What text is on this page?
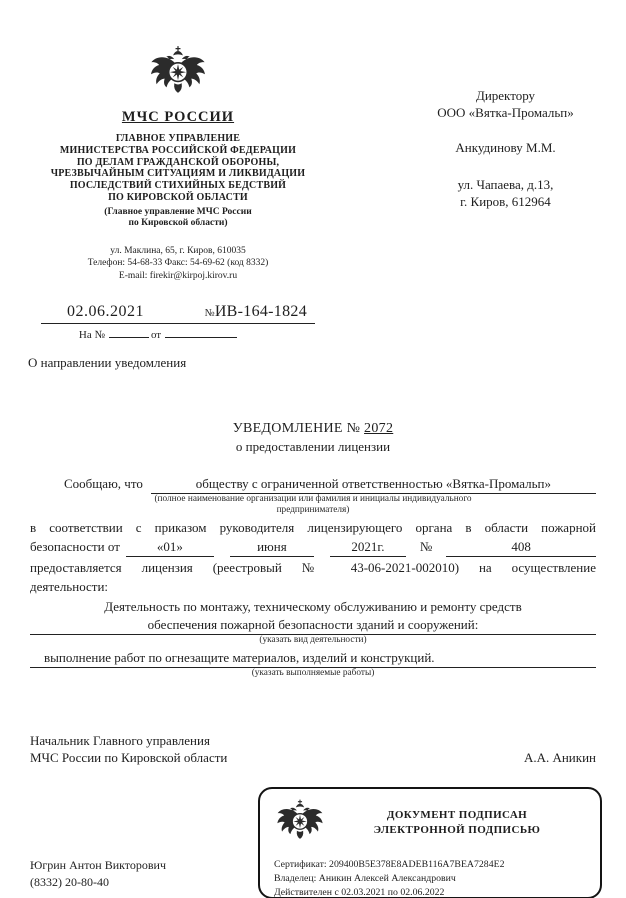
МЧС РОССИИ
ГЛАВНОЕ УПРАВЛЕНИЕ
МИНИСТЕРСТВА РОССИЙСКОЙ ФЕДЕРАЦИИ
ПО ДЕЛАМ ГРАЖДАНСКОЙ ОБОРОНЫ,
ЧРЕЗВЫЧАЙНЫМ СИТУАЦИЯМ И ЛИКВИДАЦИИ
ПОСЛЕДСТВИЙ СТИХИЙНЫХ БЕДСТВИЙ
ПО КИРОВСКОЙ ОБЛАСТИ
(Главное управление МЧС России
по Кировской области)
ул. Маклина, 65, г. Киров, 610035
Телефон: 54-68-33 Факс: 54-69-62 (код 8332)
E-mail: firekir@kirpoj.kirov.ru
02.06.2021	№ ИВ-164-1824
На №	от
Директору
ООО «Вятка-Промальп»
Анкудинову М.М.
ул. Чапаева, д.13,
г. Киров, 612964
О направлении уведомления
УВЕДОМЛЕНИЕ № 2072
о предоставлении лицензии
Сообщаю, что	обществу с ограниченной ответственностью «Вятка-Промальп»
(полное наименование организации или фамилия и инициалы индивидуального
предпринимателя)
в соответствии с приказом руководителя лицензирующего органа в области пожарной
безопасности от	«01»	июня	2021г.	№	408
предоставляется лицензия (реестровый № 43-06-2021-002010) на осуществление
деятельности:
Деятельность по монтажу, техническому обслуживанию и ремонту средств
обеспечения пожарной безопасности зданий и сооружений:
(указать вид деятельности)
выполнение работ по огнезащите материалов, изделий и конструкций.
(указать выполняемые работы)
Начальник Главного управления
МЧС России по Кировской области	А.А. Аникин
ДОКУМЕНТ ПОДПИСАН
ЭЛЕКТРОННОЙ ПОДПИСЬЮ
Сертификат: 209400B5E378E8ADEB116A7BEA7284E2
Владелец: Аникин Алексей Александрович
Действителен с 02.03.2021 по 02.06.2022
Югрин Антон Викторович
(8332) 20-80-40
